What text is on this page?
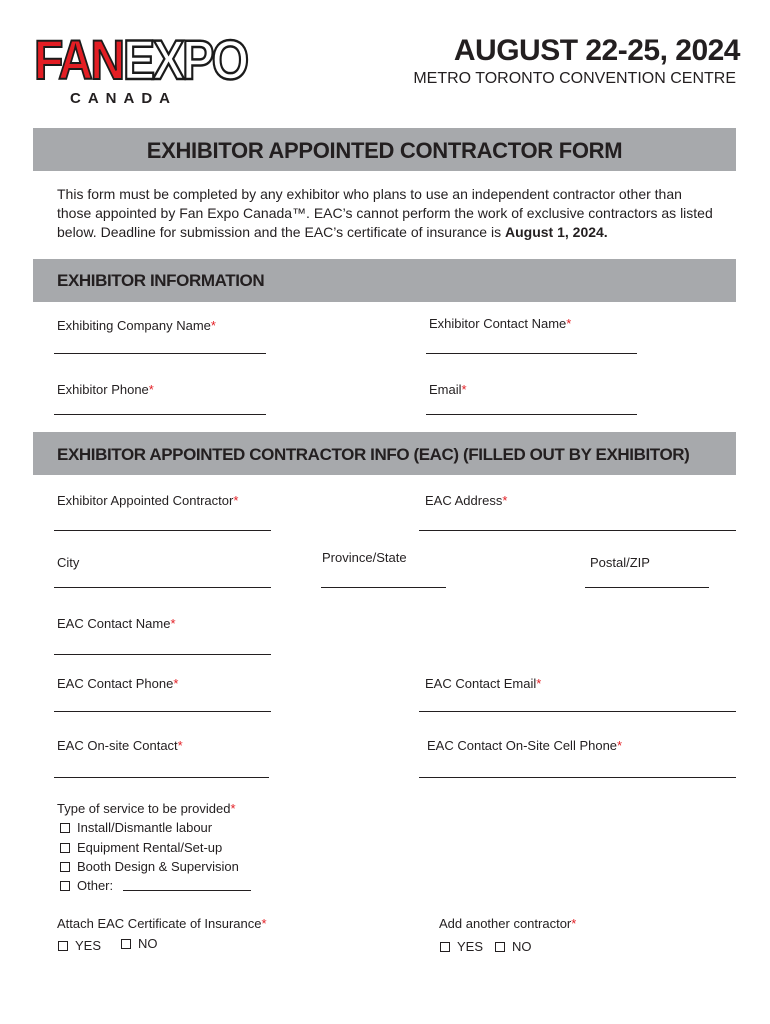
FAN EXPO
CANADA
AUGUST 22-25, 2024
METRO TORONTO CONVENTION CENTRE
EXHIBITOR APPOINTED CONTRACTOR FORM
This form must be completed by any exhibitor who plans to use an independent contractor other than those appointed by Fan Expo Canada™. EAC’s cannot perform the work of exclusive contractors as listed below. Deadline for submission and the EAC’s certificate of insurance is August 1, 2024.
EXHIBITOR INFORMATION
Exhibiting Company Name*	Exhibitor Contact Name*
Exhibitor Phone*	Email*
EXHIBITOR APPOINTED CONTRACTOR INFO (EAC) (FILLED OUT BY EXHIBITOR)
Exhibitor Appointed Contractor*	EAC Address*
City	Province/State	Postal/ZIP
EAC Contact Name*
EAC Contact Phone*	EAC Contact Email*
EAC On-site Contact*	EAC Contact On-Site Cell Phone*
Type of service to be provided*
Install/Dismantle labour
Equipment Rental/Set-up
Booth Design & Supervision
Other:
Attach EAC Certificate of Insurance*
YES	NO
Add another contractor*
YES NO
